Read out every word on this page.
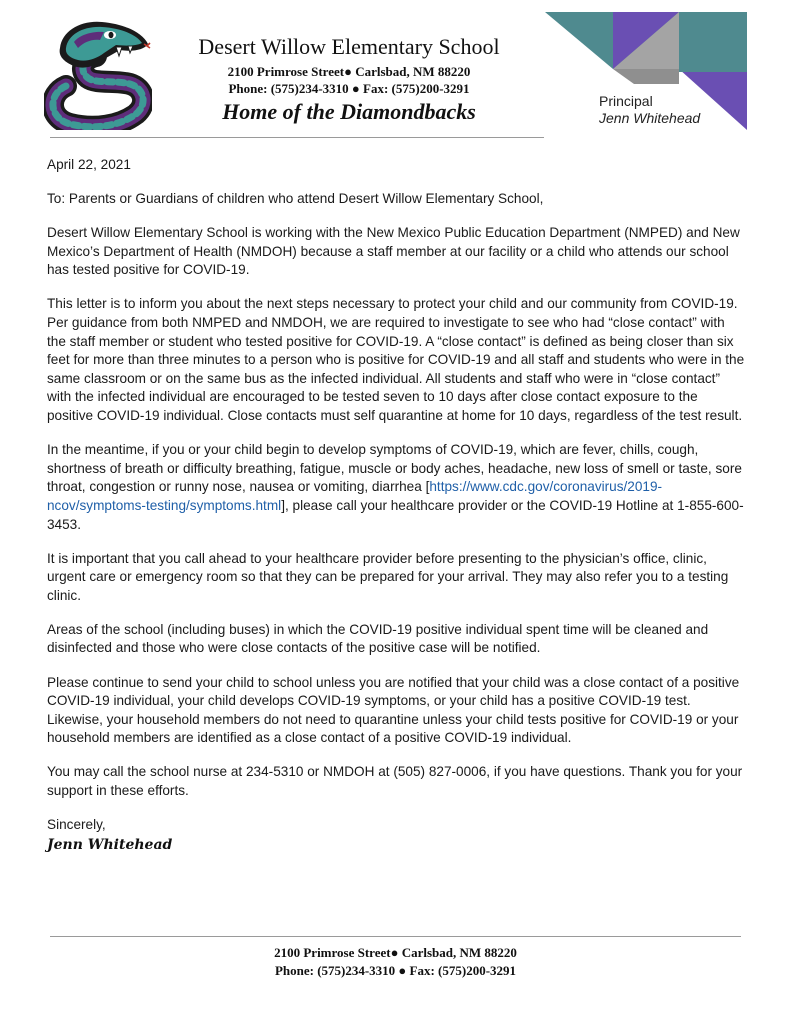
Desert Willow Elementary School
2100 Primrose Street● Carlsbad, NM 88220
Phone: (575)234-3310 ● Fax: (575)200-3291
Home of the Diamondbacks	Principal
Jenn Whitehead

April 22, 2021

To: Parents or Guardians of children who attend Desert Willow Elementary School,

Desert Willow Elementary School is working with the New Mexico Public Education Department (NMPED) and New Mexico’s Department of Health (NMDOH) because a staff member at our facility or a child who attends our school has tested positive for COVID-19.

This letter is to inform you about the next steps necessary to protect your child and our community from COVID-19. Per guidance from both NMPED and NMDOH, we are required to investigate to see who had “close contact” with the staff member or student who tested positive for COVID-19. A “close contact” is defined as being closer than six feet for more than three minutes to a person who is positive for COVID-19 and all staff and students who were in the same classroom or on the same bus as the infected individual. All students and staff who were in “close contact” with the infected individual are encouraged to be tested seven to 10 days after close contact exposure to the positive COVID-19 individual. Close contacts must self quarantine at home for 10 days, regardless of the test result.

In the meantime, if you or your child begin to develop symptoms of COVID-19, which are fever, chills, cough, shortness of breath or difficulty breathing, fatigue, muscle or body aches, headache, new loss of smell or taste, sore throat, congestion or runny nose, nausea or vomiting, diarrhea [https://www.cdc.gov/coronavirus/2019-ncov/symptoms-testing/symptoms.html], please call your healthcare provider or the COVID-19 Hotline at 1-855-600-3453.

It is important that you call ahead to your healthcare provider before presenting to the physician’s office, clinic, urgent care or emergency room so that they can be prepared for your arrival. They may also refer you to a testing clinic.

Areas of the school (including buses) in which the COVID-19 positive individual spent time will be cleaned and disinfected and those who were close contacts of the positive case will be notified.

Please continue to send your child to school unless you are notified that your child was a close contact of a positive COVID-19 individual, your child develops COVID-19 symptoms, or your child has a positive COVID-19 test. Likewise, your household members do not need to quarantine unless your child tests positive for COVID-19 or your household members are identified as a close contact of a positive COVID-19 individual.

You may call the school nurse at 234-5310 or NMDOH at (505) 827-0006, if you have questions. Thank you for your support in these efforts.

Sincerely,
Jenn Whitehead
2100 Primrose Street● Carlsbad, NM 88220
Phone: (575)234-3310 ● Fax: (575)200-3291
